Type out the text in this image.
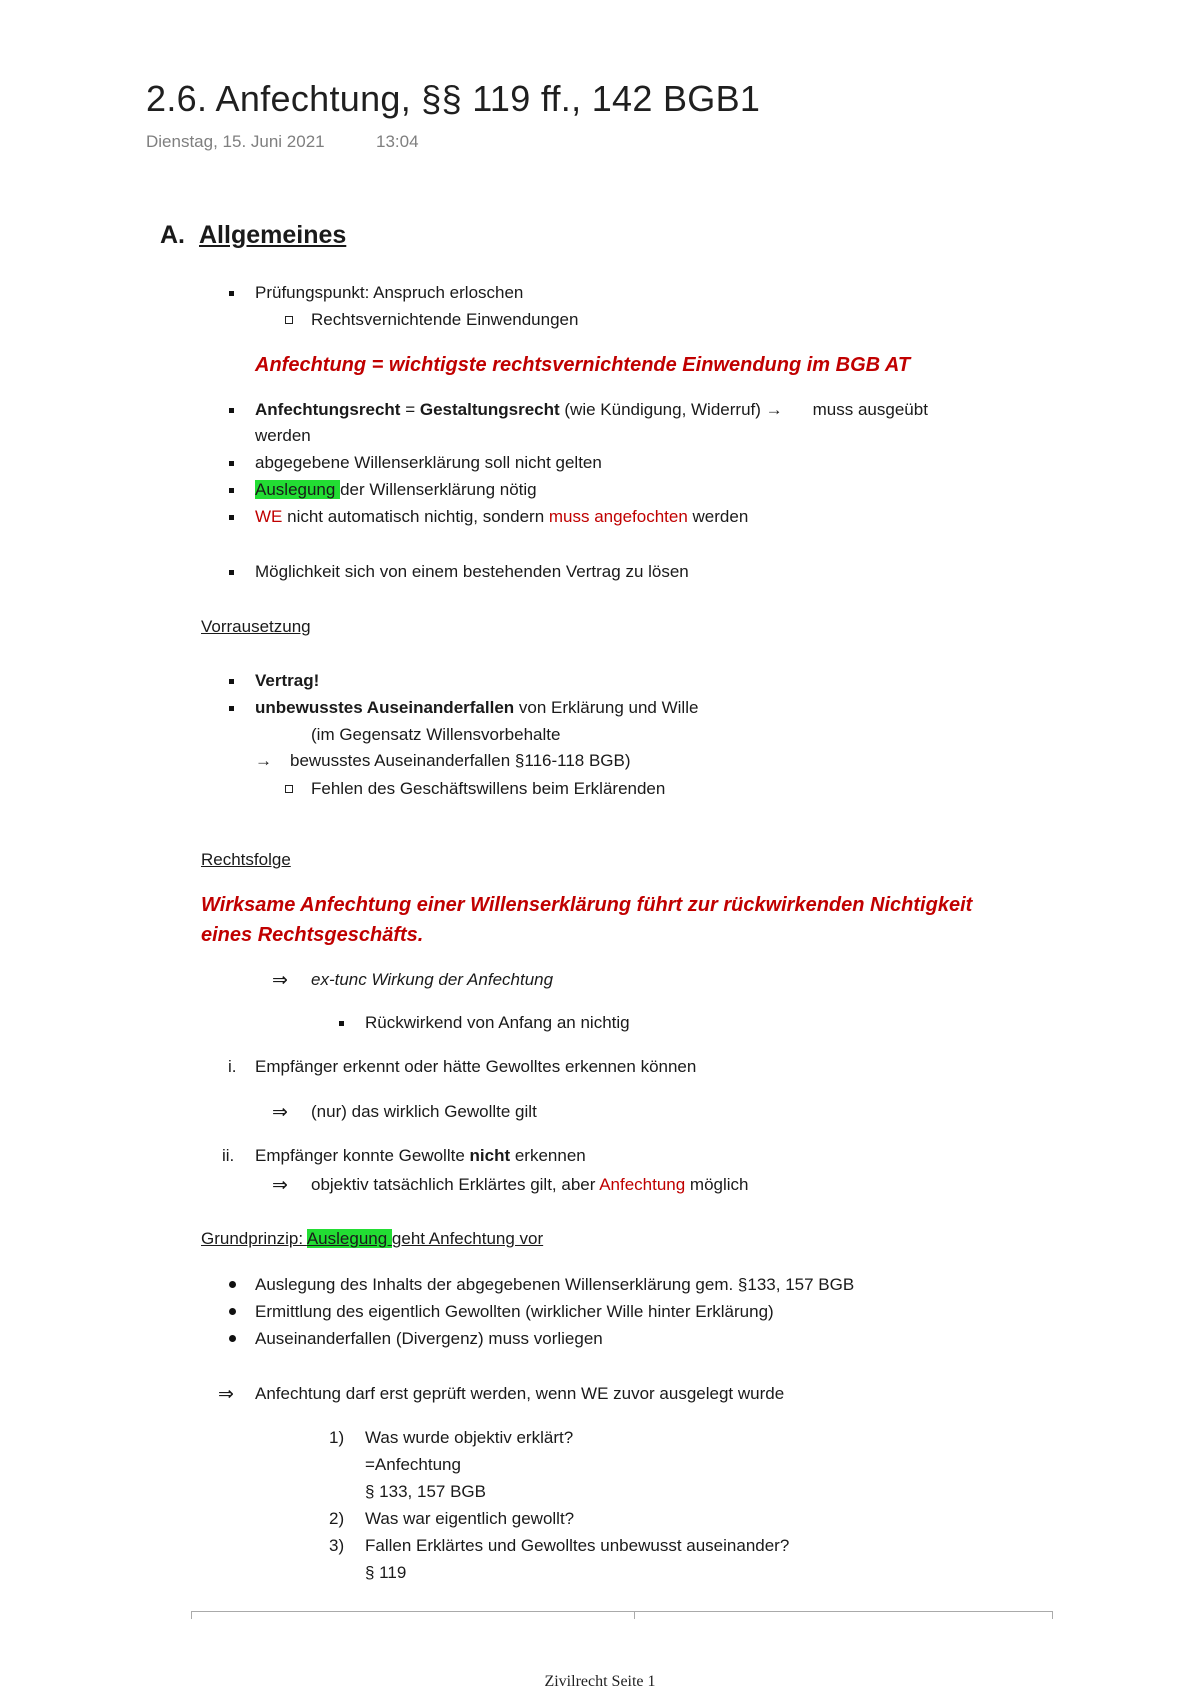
2.6. Anfechtung, §§ 119 ff., 142 BGB1
Dienstag, 15. Juni 2021	13:04
A. Allgemeines
Prüfungspunkt: Anspruch erloschen
Rechtsvernichtende Einwendungen
Anfechtung = wichtigste rechtsvernichtende Einwendung im BGB AT
Anfechtungsrecht = Gestaltungsrecht (wie Kündigung, Widerruf) → muss ausgeübt
werden
abgegebene Willenserklärung soll nicht gelten
Auslegung der Willenserklärung nötig
WE nicht automatisch nichtig, sondern muss angefochten werden
Möglichkeit sich von einem bestehenden Vertrag zu lösen
Vorrausetzung
Vertrag!
unbewusstes Auseinanderfallen von Erklärung und Wille
(im Gegensatz Willensvorbehalte
→ bewusstes Auseinanderfallen §116-118 BGB)
Fehlen des Geschäftswillens beim Erklärenden
Rechtsfolge
Wirksame Anfechtung einer Willenserklärung führt zur rückwirkenden Nichtigkeit
eines Rechtsgeschäfts.
⇒ ex-tunc Wirkung der Anfechtung
Rückwirkend von Anfang an nichtig
i. Empfänger erkennt oder hätte Gewolltes erkennen können
⇒ (nur) das wirklich Gewollte gilt
ii. Empfänger konnte Gewollte nicht erkennen
⇒ objektiv tatsächlich Erklärtes gilt, aber Anfechtung möglich
Grundprinzip: Auslegung geht Anfechtung vor
Auslegung des Inhalts der abgegebenen Willenserklärung gem. §133, 157 BGB
Ermittlung des eigentlich Gewollten (wirklicher Wille hinter Erklärung)
Auseinanderfallen (Divergenz) muss vorliegen
⇒ Anfechtung darf erst geprüft werden, wenn WE zuvor ausgelegt wurde
1) Was wurde objektiv erklärt?
=Anfechtung
§ 133, 157 BGB
2) Was war eigentlich gewollt?
3) Fallen Erklärtes und Gewolltes unbewusst auseinander?
§ 119
Zivilrecht Seite 1
